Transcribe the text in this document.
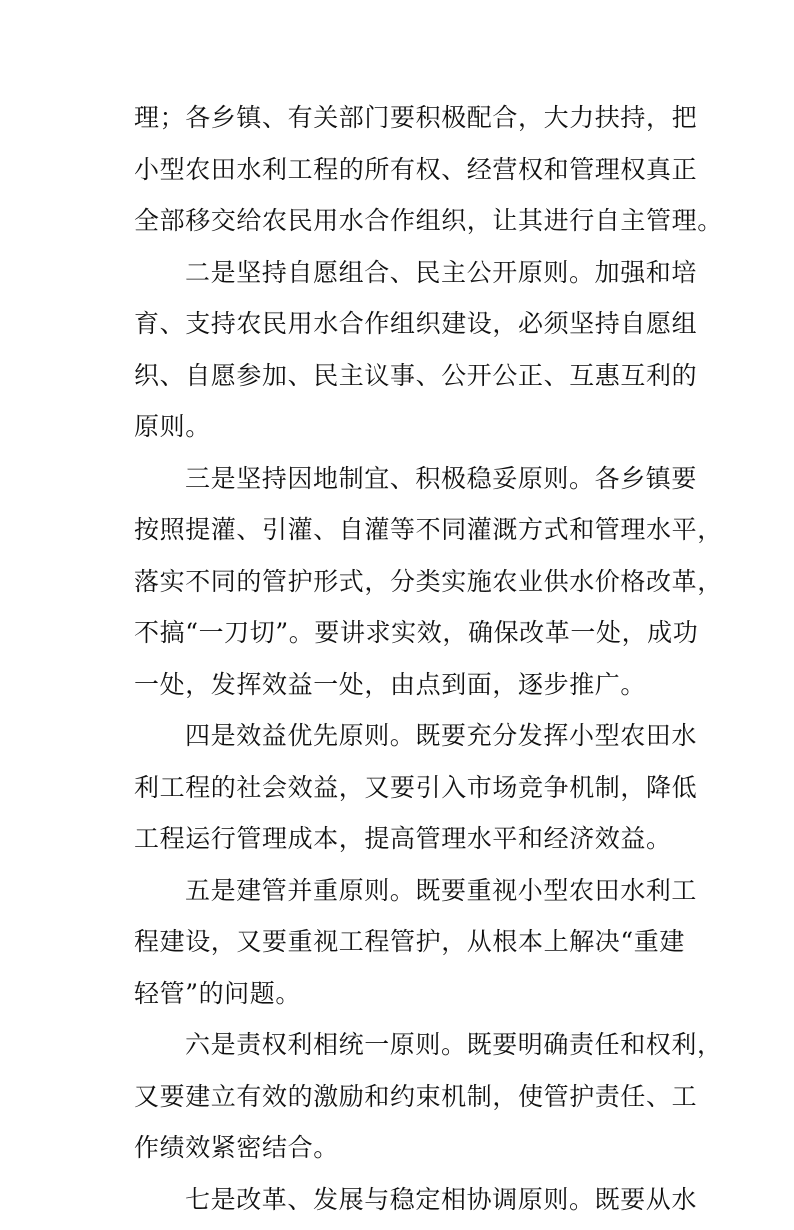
理；各乡镇、有关部门要积极配合，大力扶持，把
小型农田水利工程的所有权、经营权和管理权真正
全部移交给农民用水合作组织，让其进行自主管理。
二是坚持自愿组合、民主公开原则。加强和培
育、支持农民用水合作组织建设，必须坚持自愿组
织、自愿参加、民主议事、公开公正、互惠互利的
原则。
三是坚持因地制宜、积极稳妥原则。各乡镇要
按照提灌、引灌、自灌等不同灌溉方式和管理水平，
落实不同的管护形式，分类实施农业供水价格改革，
不搞“一刀切”。要讲求实效，确保改革一处，成功
一处，发挥效益一处，由点到面，逐步推广。
四是效益优先原则。既要充分发挥小型农田水
利工程的社会效益，又要引入市场竞争机制，降低
工程运行管理成本，提高管理水平和经济效益。
五是建管并重原则。既要重视小型农田水利工
程建设，又要重视工程管护，从根本上解决“重建
轻管”的问题。
六是责权利相统一原则。既要明确责任和权利，
又要建立有效的激励和约束机制，使管护责任、工
作绩效紧密结合。
七是改革、发展与稳定相协调原则。既要从水
